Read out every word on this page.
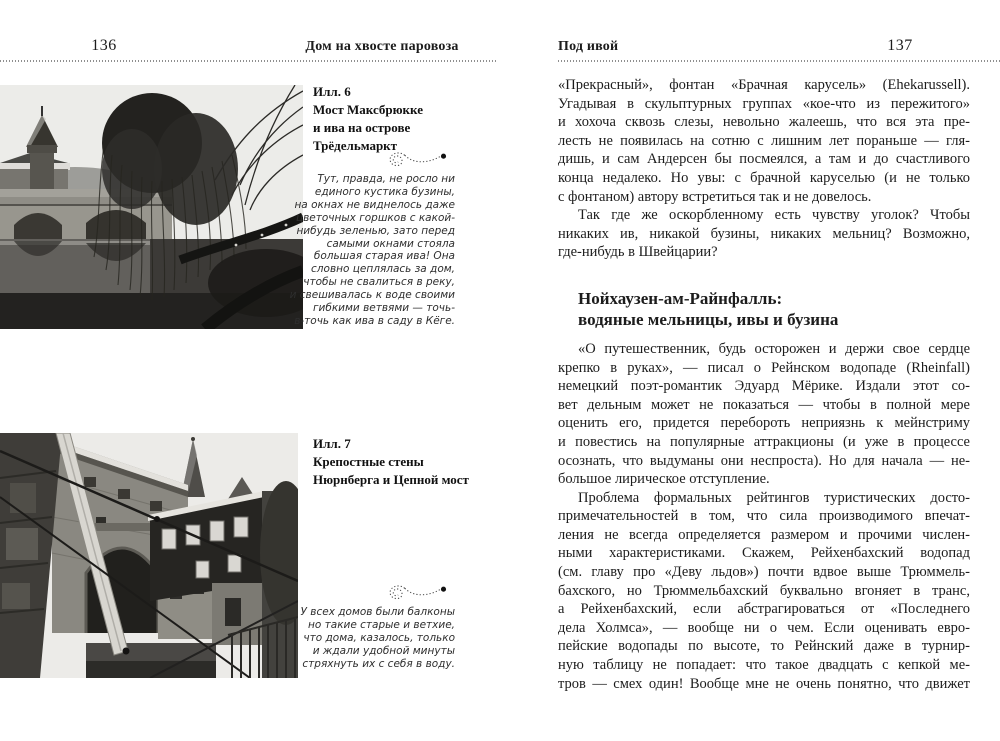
136	Дом на хвосте паровоза	Под ивой	137
Илл. 6
Мост Максбрюкке
и ива на острове
Трёдельмаркт
Тут, правда, не росло ни
единого кустика бузины,
на окнах не виднелось даже
цветочных горшков с какой-
нибудь зеленью, зато перед
самыми окнами стояла
большая старая ива! Она
словно цеплялась за дом,
чтобы не свалиться в реку,
и свешивалась к воде своими
гибкими ветвями — точь-
в-точь как ива в саду в Кёге.
Илл. 7
Крепостные стены
Нюрнберга и Цепной мост
У всех домов были балконы
но такие старые и ветхие,
что дома, казалось, только
и ждали удобной минуты
стряхнуть их с себя в воду.
«Прекрасный», фонтан «Брачная карусель» (Ehekarussell).
Угадывая в скульптурных группах «кое-что из пережитого»
и хохоча сквозь слезы, невольно жалеешь, что вся эта пре-
лесть не появилась на сотню с лишним лет пораньше — гля-
дишь, и сам Андерсен бы посмеялся, а там и до счастливого
конца недалеко. Но увы: с брачной каруселью (и не только
с фонтаном) автору встретиться так и не довелось.
Так где же оскорбленному есть чувству уголок? Чтобы
никаких ив, никакой бузины, никаких мельниц? Возможно,
где-нибудь в Швейцарии?
Нойхаузен-ам-Райнфалль:
водяные мельницы, ивы и бузина
«О путешественник, будь осторожен и держи свое сердце
крепко в руках», — писал о Рейнском водопаде (Rheinfall)
немецкий поэт-романтик Эдуард Мёрике. Издали этот со-
вет дельным может не показаться — чтобы в полной мере
оценить его, придется перебороть неприязнь к мейнстриму
и повестись на популярные аттракционы (и уже в процессе
осознать, что выдуманы они неспроста). Но для начала — не-
большое лирическое отступление.
Проблема формальных рейтингов туристических досто-
примечательностей в том, что сила производимого впечат-
ления не всегда определяется размером и прочими числен-
ными характеристиками. Скажем, Рейхенбахский водопад
(см. главу про «Деву льдов») почти вдвое выше Трюммель-
бахского, но Трюммельбахский буквально вгоняет в транс,
а Рейхенбахский, если абстрагироваться от «Последнего
дела Холмса», — вообще ни о чем. Если оценивать евро-
пейские водопады по высоте, то Рейнский даже в турнир-
ную таблицу не попадает: что такое двадцать с кепкой ме-
тров — смех один! Вообще мне не очень понятно, что движет
